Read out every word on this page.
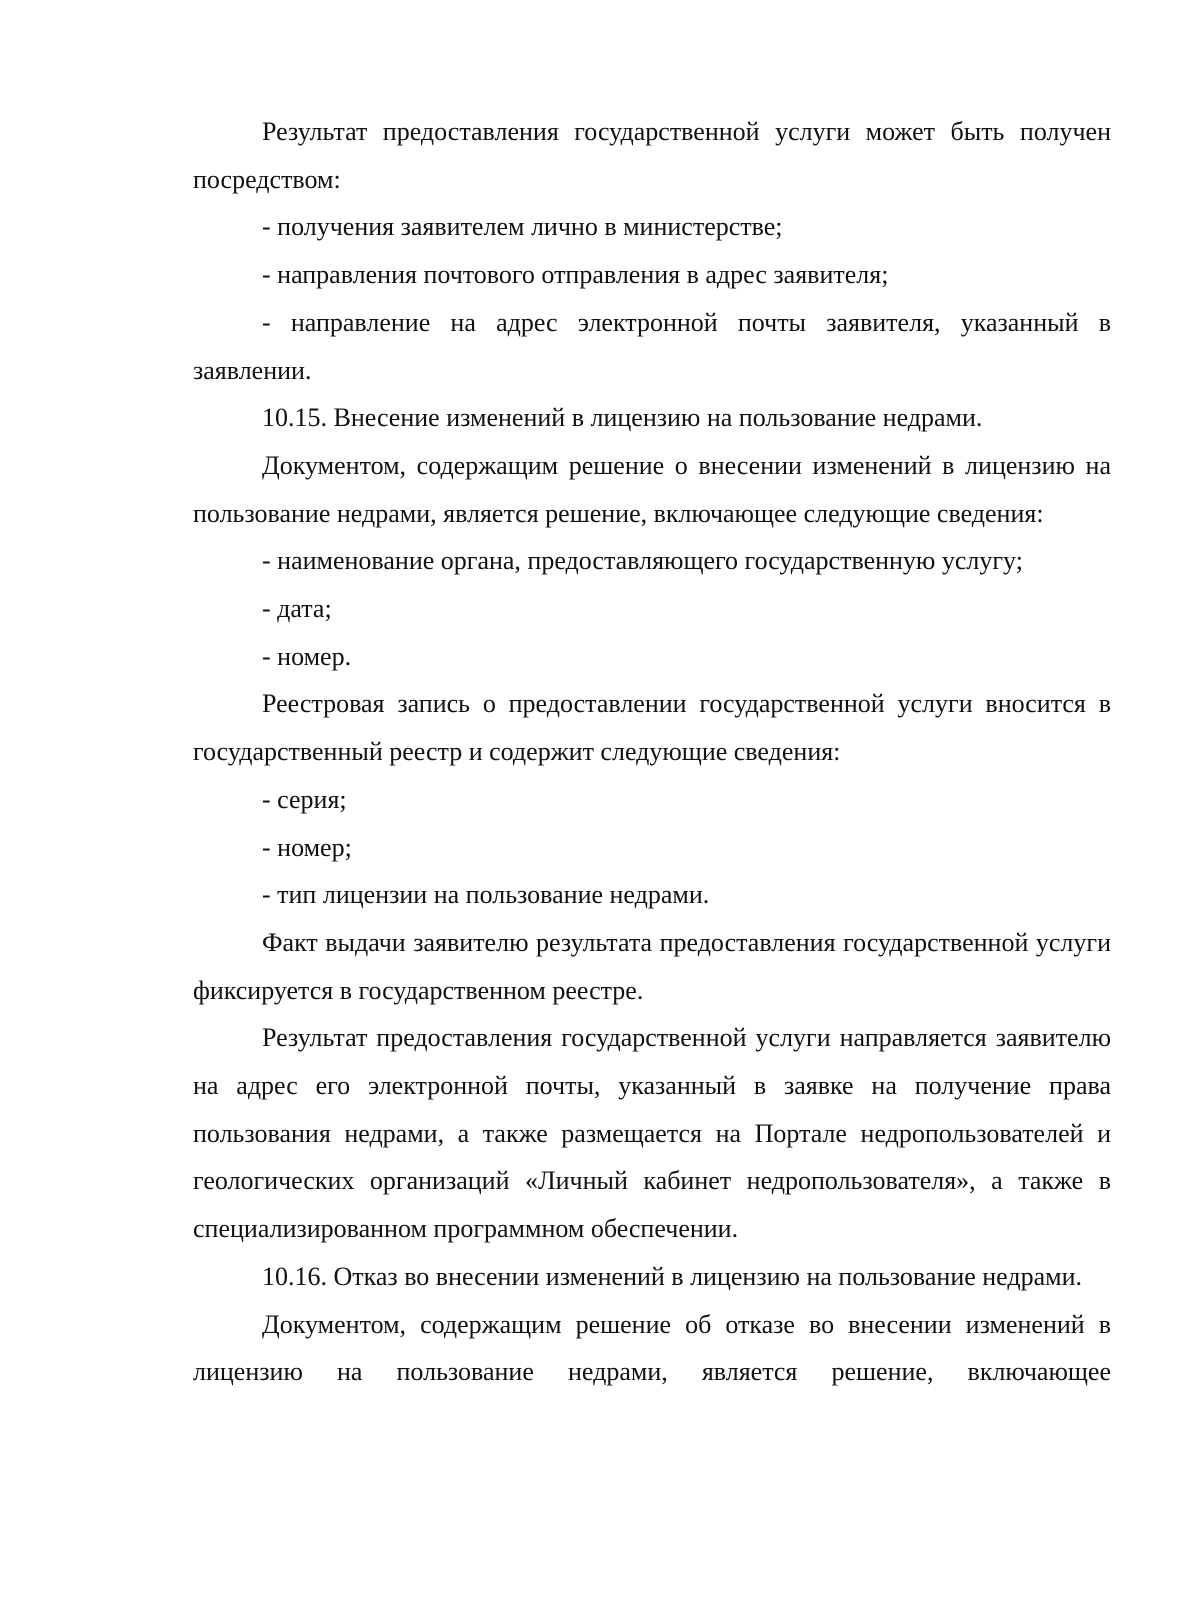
Результат предоставления государственной услуги может быть получен посредством:

- получения заявителем лично в министерстве;

- направления почтового отправления в адрес заявителя;

- направление на адрес электронной почты заявителя, указанный в заявлении.

10.15. Внесение изменений в лицензию на пользование недрами.

Документом, содержащим решение о внесении изменений в лицензию на пользование недрами, является решение, включающее следующие сведения:

- наименование органа, предоставляющего государственную услугу;

- дата;

- номер.

Реестровая запись о предоставлении государственной услуги вносится в государственный реестр и содержит следующие сведения:

- серия;

- номер;

- тип лицензии на пользование недрами.

Факт выдачи заявителю результата предоставления государственной услуги фиксируется в государственном реестре.

Результат предоставления государственной услуги направляется заявителю на адрес его электронной почты, указанный в заявке на получение права пользования недрами, а также размещается на Портале недропользователей и геологических организаций «Личный кабинет недропользователя», а также в специализированном программном обеспечении.

10.16. Отказ во внесении изменений в лицензию на пользование недрами.

Документом, содержащим решение об отказе во внесении изменений в лицензию на пользование недрами, является решение, включающее
